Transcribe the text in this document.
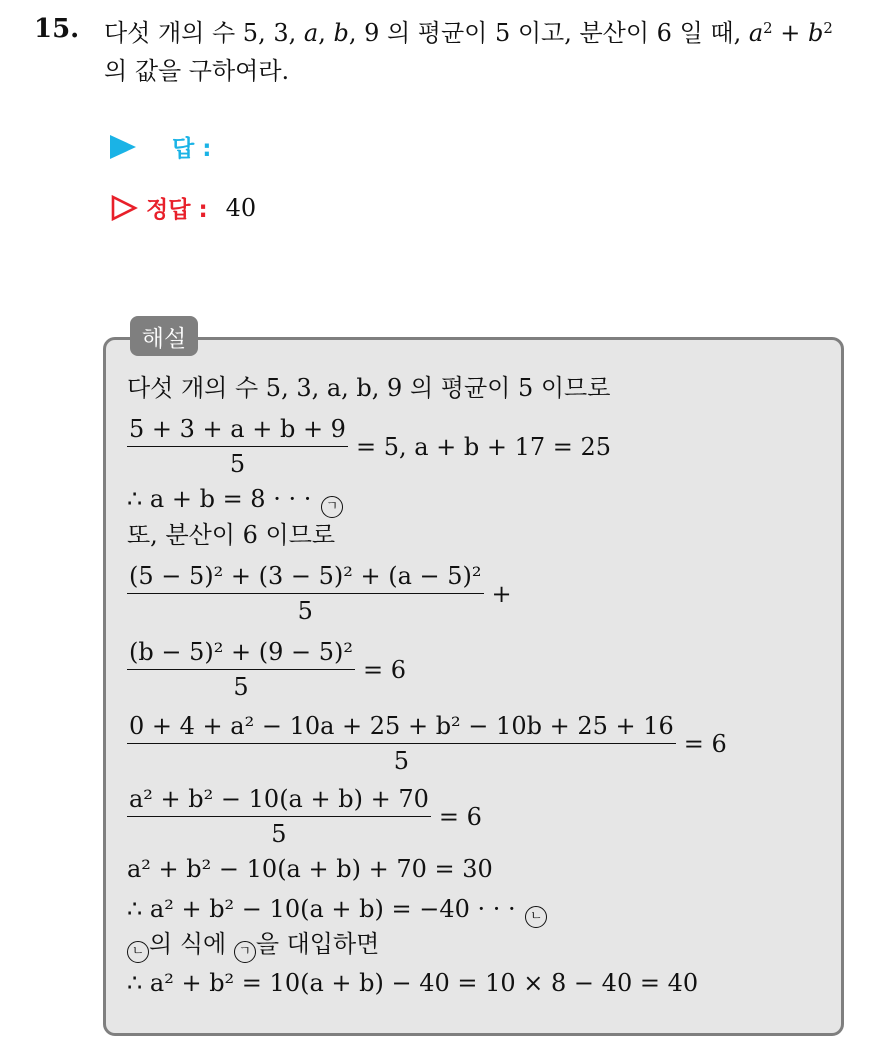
15. 다섯 개의 수 5, 3, a, b, 9 의 평균이 5 이고, 분산이 6 일 때, $a^2 + b^2$
의 값을 구하여라.
답 :
정답 : 40
해설
다섯 개의 수 5, 3, a, b, 9 의 평균이 5 이므로
$\frac{5 + 3 + a + b + 9}{5} = 5$, a + b + 17 = 25
∴ a + b = 8 · · · ㄱ
또, 분산이 6 이므로
$\frac{\text{(5 − 5)² + (3 − 5)² + (a − 5)²}}{5}$ +
$\frac{\text{(b − 5)² + (9 − 5)²}}{5} = 6$
$\frac{\text{0 + 4 + a² − 10a + 25 + b² − 10b + 25 + 16}}{5} = 6$
$\frac{\text{a² + b² − 10(a + b) + 70}}{5} = 6$
a² + b² − 10(a + b) + 70 = 30
∴ a² + b² − 10(a + b) = −40 · · · ㄴ
ㄴ 의 식에 ㄱ 을 대입하면
∴ a² + b² = 10(a + b) − 40 = 10 × 8 − 40 = 40
